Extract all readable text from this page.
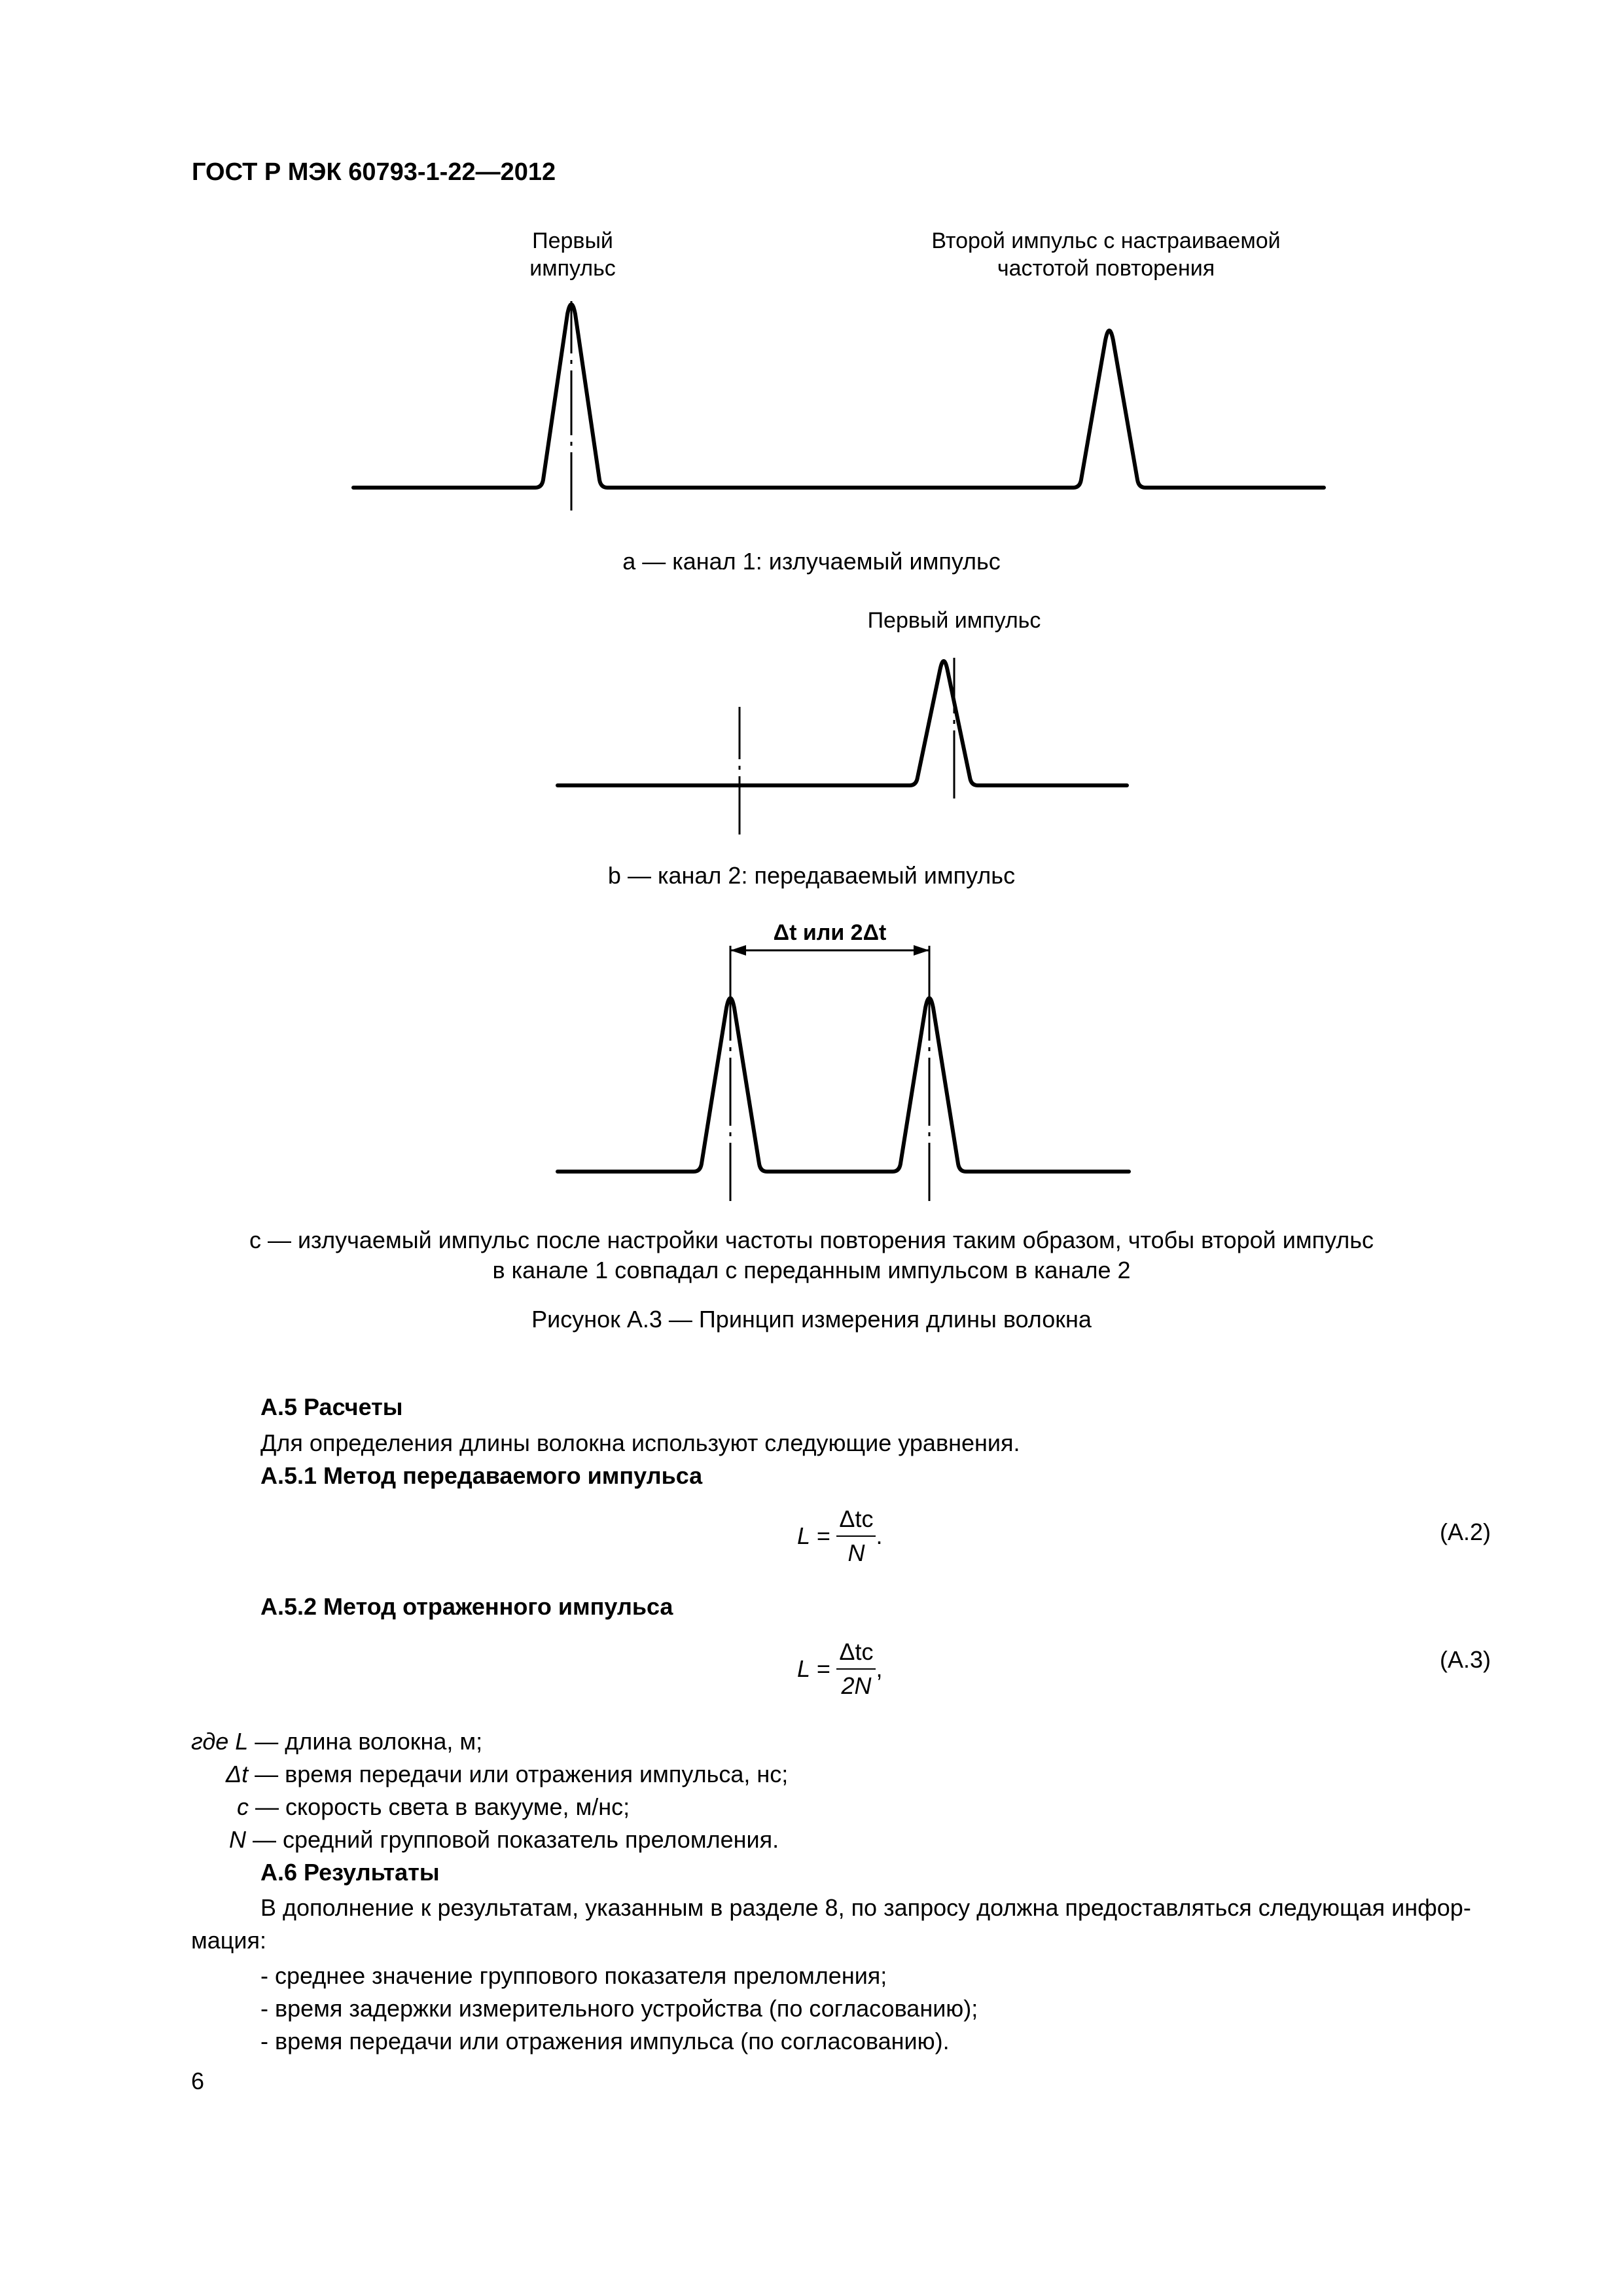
ГОСТ Р МЭК 60793-1-22—2012
Первый
импульс
Второй импульс с настраиваемой
частотой повторения
а — канал 1: излучаемый импульс
Первый импульс
b — канал 2: передаваемый импульс
Δt или 2Δt
с — излучаемый импульс после настройки частоты повторения таким образом, чтобы второй импульс
в канале 1 совпадал с переданным импульсом в канале 2
Рисунок А.3 — Принцип измерения длины волокна
А.5 Расчеты
Для определения длины волокна используют следующие уравнения.
А.5.1 Метод передаваемого импульса
$L = \frac{\text{Δtc}}{N}$ .	(А.2)
А.5.2 Метод отраженного импульса
$L = \frac{\text{Δtc}}{2N}$ ,	(А.3)
где L — длина волокна, м;
Δt — время передачи или отражения импульса, нс;
c — скорость света в вакууме, м/нс;
N — средний групповой показатель преломления.
А.6 Результаты
В дополнение к результатам, указанным в разделе 8, по запросу должна предоставляться следующая инфор-
мация:
- среднее значение группового показателя преломления;
- время задержки измерительного устройства (по согласованию);
- время передачи или отражения импульса (по согласованию).
6
